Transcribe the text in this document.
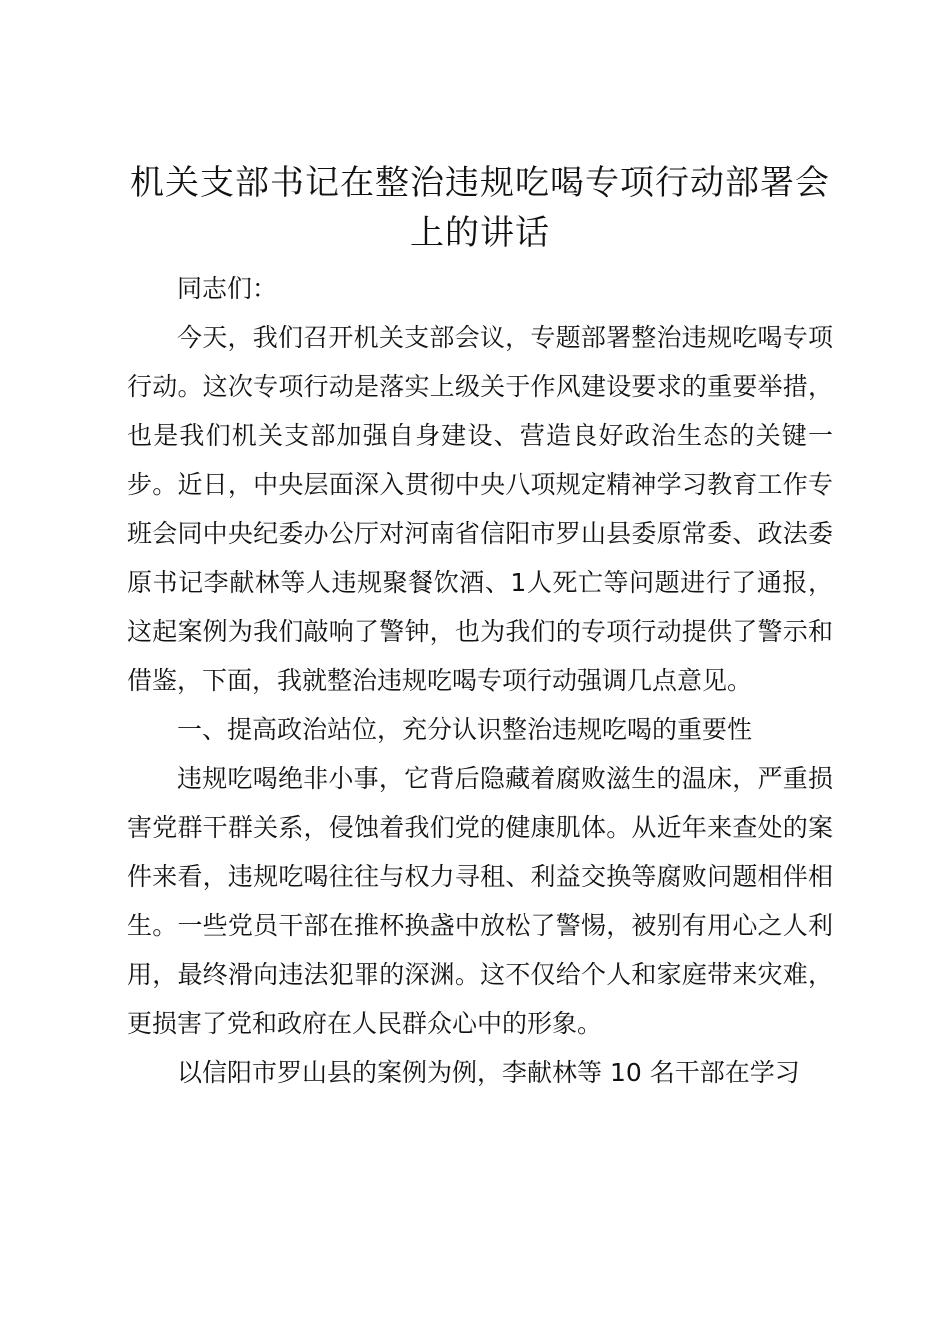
机关支部书记在整治违规吃喝专项行动部署会
上的讲话

同志们：

今天，我们召开机关支部会议，专题部署整治违规吃喝专项行动。这次专项行动是落实上级关于作风建设要求的重要举措，也是我们机关支部加强自身建设、营造良好政治生态的关键一步。近日，中央层面深入贯彻中央八项规定精神学习教育工作专班会同中央纪委办公厅对河南省信阳市罗山县委原常委、政法委原书记李献林等人违规聚餐饮酒、1人死亡等问题进行了通报，这起案例为我们敲响了警钟，也为我们的专项行动提供了警示和借鉴，下面，我就整治违规吃喝专项行动强调几点意见。

一、提高政治站位，充分认识整治违规吃喝的重要性

违规吃喝绝非小事，它背后隐藏着腐败滋生的温床，严重损害党群干群关系，侵蚀着我们党的健康肌体。从近年来查处的案件来看，违规吃喝往往与权力寻租、利益交换等腐败问题相伴相生。一些党员干部在推杯换盏中放松了警惕，被别有用心之人利用，最终滑向违法犯罪的深渊。这不仅给个人和家庭带来灾难，更损害了党和政府在人民群众心中的形象。

以信阳市罗山县的案例为例，李献林等 10 名干部在学习
